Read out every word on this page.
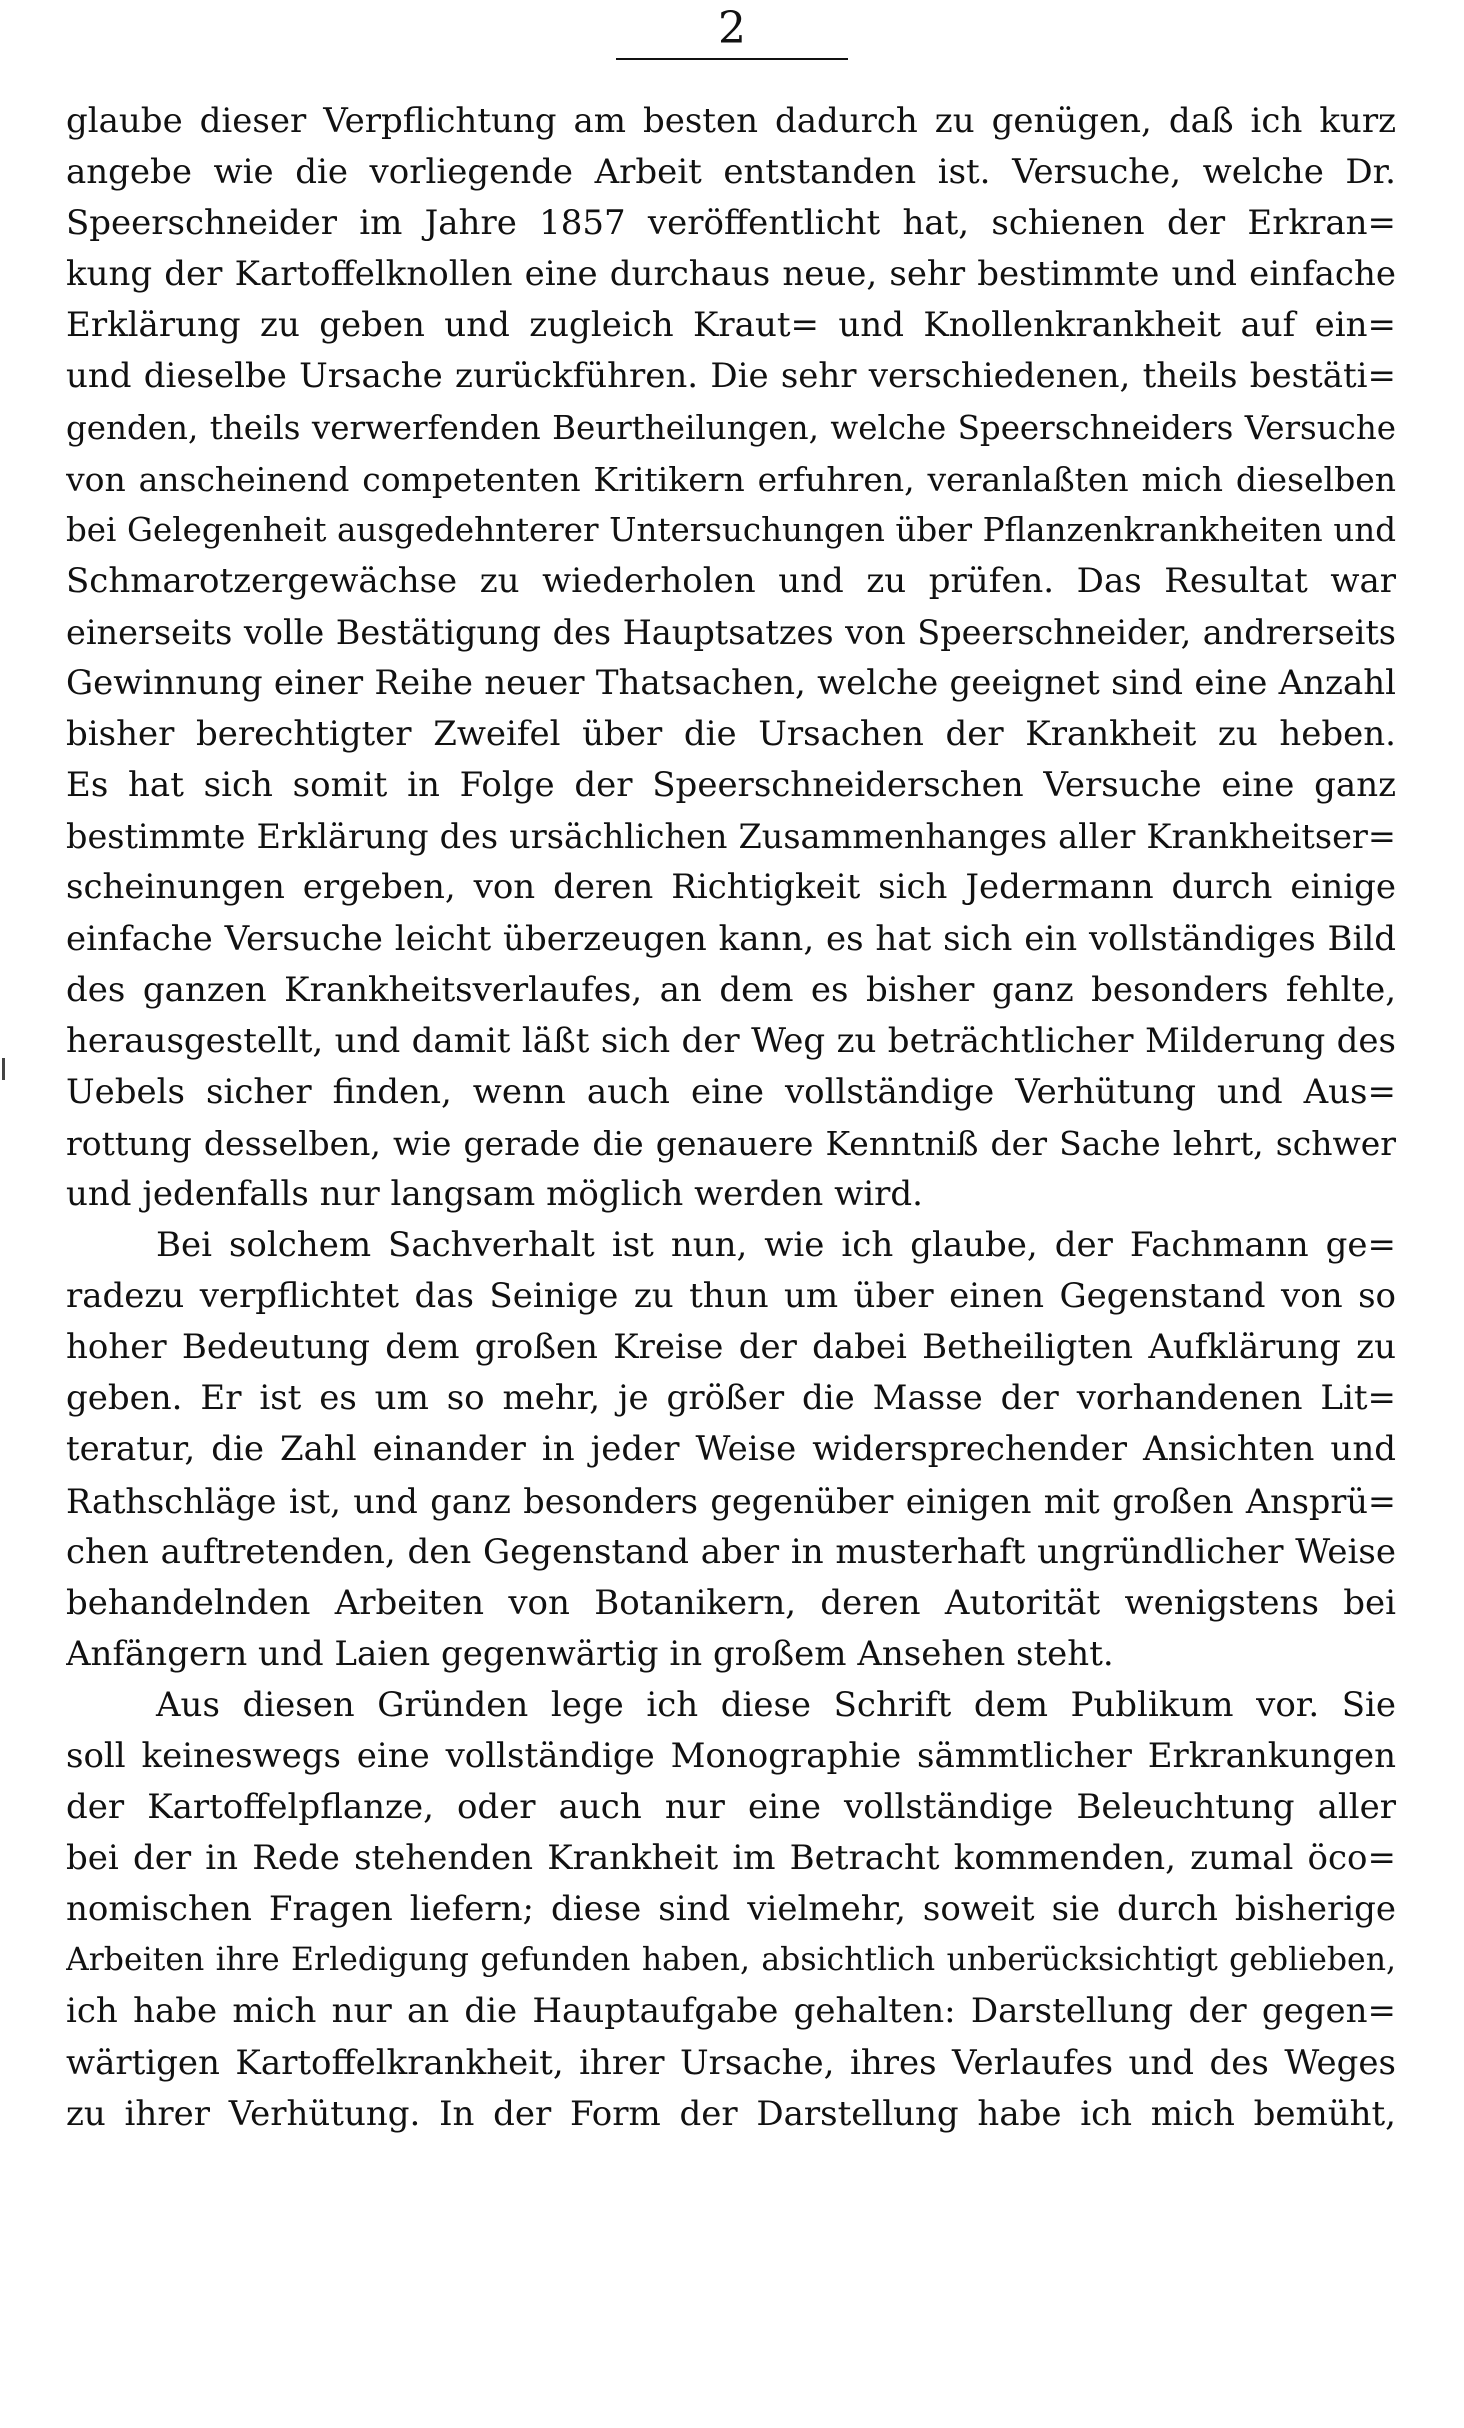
2
glaube dieser Verpflichtung am besten dadurch zu genügen, daß ich kurz
angebe wie die vorliegende Arbeit entstanden ist. Versuche, welche Dr.
Speerschneider im Jahre 1857 veröffentlicht hat, schienen der Erkran=
kung der Kartoffelknollen eine durchaus neue, sehr bestimmte und einfache
Erklärung zu geben und zugleich Kraut= und Knollenkrankheit auf ein=
und dieselbe Ursache zurückführen. Die sehr verschiedenen, theils bestäti=
genden, theils verwerfenden Beurtheilungen, welche Speerschneiders Versuche
von anscheinend competenten Kritikern erfuhren, veranlaßten mich dieselben
bei Gelegenheit ausgedehnterer Untersuchungen über Pflanzenkrankheiten und
Schmarotzergewächse zu wiederholen und zu prüfen. Das Resultat war
einerseits volle Bestätigung des Hauptsatzes von Speerschneider, andrerseits
Gewinnung einer Reihe neuer Thatsachen, welche geeignet sind eine Anzahl
bisher berechtigter Zweifel über die Ursachen der Krankheit zu heben.
Es hat sich somit in Folge der Speerschneiderschen Versuche eine ganz
bestimmte Erklärung des ursächlichen Zusammenhanges aller Krankheitser=
scheinungen ergeben, von deren Richtigkeit sich Jedermann durch einige
einfache Versuche leicht überzeugen kann, es hat sich ein vollständiges Bild
des ganzen Krankheitsverlaufes, an dem es bisher ganz besonders fehlte,
herausgestellt, und damit läßt sich der Weg zu beträchtlicher Milderung des
Uebels sicher finden, wenn auch eine vollständige Verhütung und Aus=
rottung desselben, wie gerade die genauere Kenntniß der Sache lehrt, schwer
und jedenfalls nur langsam möglich werden wird.
Bei solchem Sachverhalt ist nun, wie ich glaube, der Fachmann ge=
radezu verpflichtet das Seinige zu thun um über einen Gegenstand von so
hoher Bedeutung dem großen Kreise der dabei Betheiligten Aufklärung zu
geben. Er ist es um so mehr, je größer die Masse der vorhandenen Lit=
teratur, die Zahl einander in jeder Weise widersprechender Ansichten und
Rathschläge ist, und ganz besonders gegenüber einigen mit großen Ansprü=
chen auftretenden, den Gegenstand aber in musterhaft ungründlicher Weise
behandelnden Arbeiten von Botanikern, deren Autorität wenigstens bei
Anfängern und Laien gegenwärtig in großem Ansehen steht.
Aus diesen Gründen lege ich diese Schrift dem Publikum vor. Sie
soll keineswegs eine vollständige Monographie sämmtlicher Erkrankungen
der Kartoffelpflanze, oder auch nur eine vollständige Beleuchtung aller
bei der in Rede stehenden Krankheit im Betracht kommenden, zumal öco=
nomischen Fragen liefern; diese sind vielmehr, soweit sie durch bisherige
Arbeiten ihre Erledigung gefunden haben, absichtlich unberücksichtigt geblieben,
ich habe mich nur an die Hauptaufgabe gehalten: Darstellung der gegen=
wärtigen Kartoffelkrankheit, ihrer Ursache, ihres Verlaufes und des Weges
zu ihrer Verhütung. In der Form der Darstellung habe ich mich bemüht,
